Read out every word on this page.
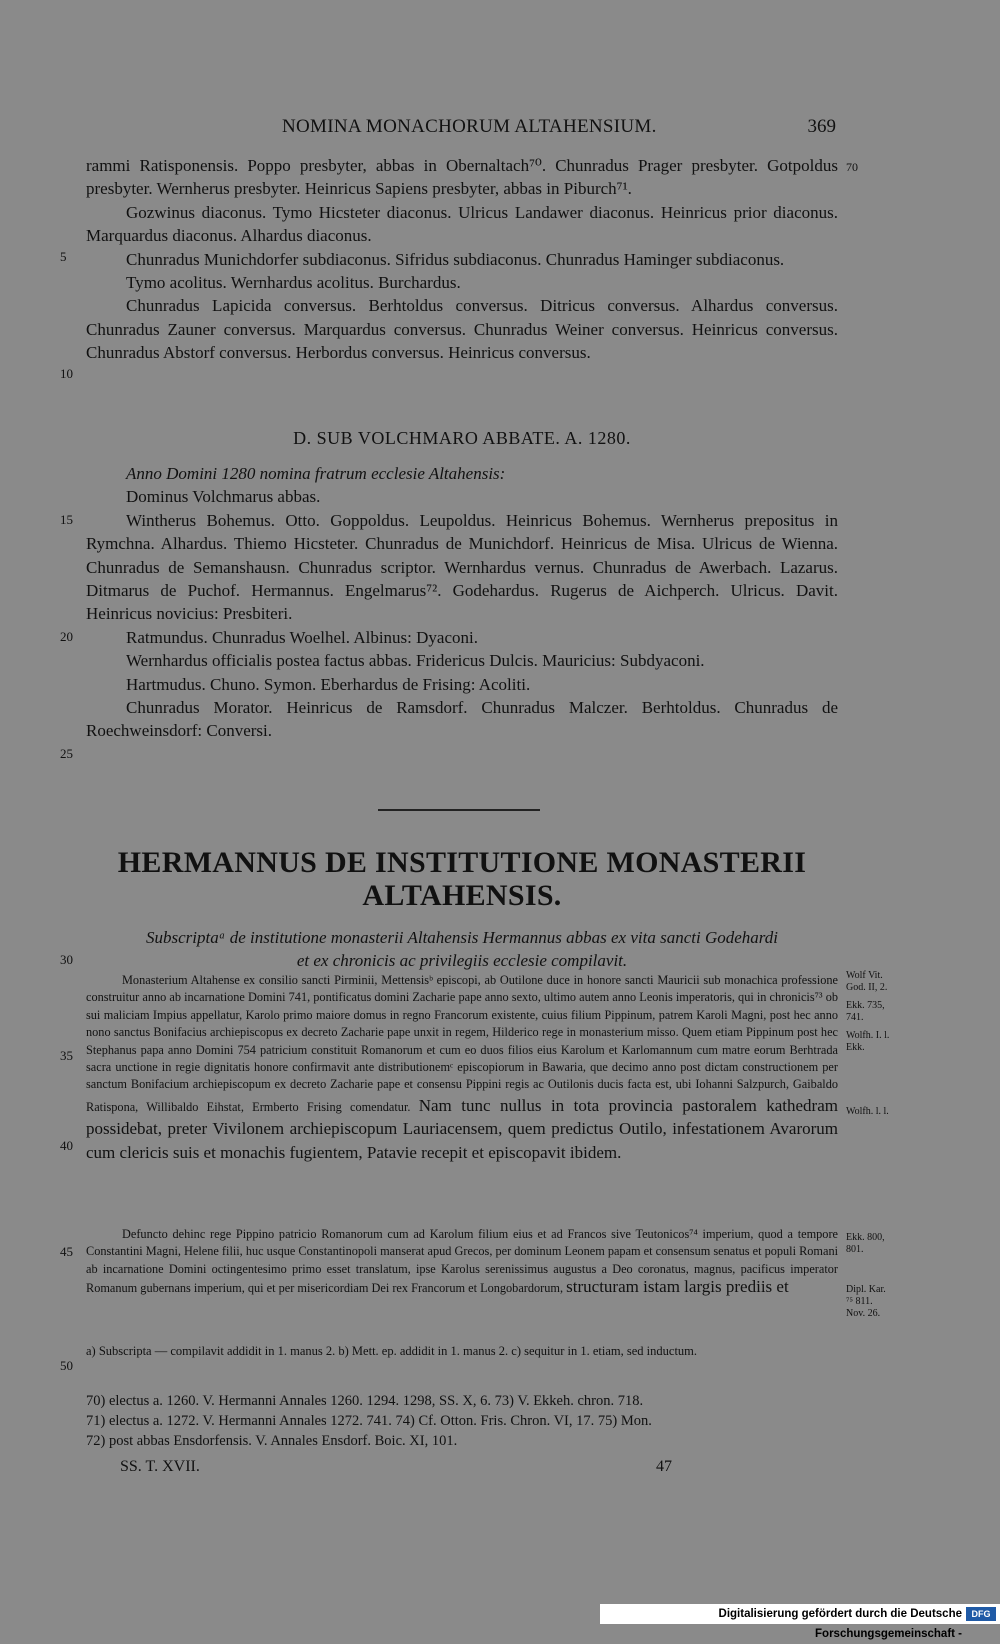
NOMINA MONACHORUM ALTAHENSIUM.	369
70

rammi Ratisponensis. Poppo presbyter, abbas in Obernaltach⁷⁰. Chunradus Prager presbyter. Gotpoldus presbyter. Wernherus presbyter. Heinricus Sapiens presbyter, abbas in Piburch⁷¹.

Gozwinus diaconus. Tymo Hicsteter diaconus. Ulricus Landawer diaconus. Heinricus prior diaconus. Marquardus diaconus. Alhardus diaconus.

Chunradus Munichdorfer subdiaconus. Sifridus subdiaconus. Chunradus Haminger subdiaconus.

Tymo acolitus. Wernhardus acolitus. Burchardus.

Chunradus Lapicida conversus. Berhtoldus conversus. Ditricus conversus. Alhardus conversus. Chunradus Zauner conversus. Marquardus conversus. Chunradus Weiner conversus. Heinricus conversus. Chunradus Abstorf conversus. Herbordus conversus. Heinricus conversus.

5
10
D. SUB VOLCHMARO ABBATE. A. 1280.

Anno Domini 1280 nomina fratrum ecclesie Altahensis:

Dominus Volchmarus abbas.

Wintherus Bohemus. Otto. Goppoldus. Leupoldus. Heinricus Bohemus. Wernherus prepositus in Rymchna. Alhardus. Thiemo Hicsteter. Chunradus de Munichdorf. Heinricus de Misa. Ulricus de Wienna. Chunradus de Semanshausn. Chunradus scriptor. Wernhardus vernus. Chunradus de Awerbach. Lazarus. Ditmarus de Puchof. Hermannus. Engelmarus⁷². Godehardus. Rugerus de Aichperch. Ulricus. Davit. Heinricus novicius: Presbiteri.

Ratmundus. Chunradus Woelhel. Albinus: Dyaconi.

Wernhardus officialis postea factus abbas. Fridericus Dulcis. Mauricius: Subdyaconi.

Hartmudus. Chuno. Symon. Eberhardus de Frising: Acoliti.

Chunradus Morator. Heinricus de Ramsdorf. Chunradus Malczer. Berhtoldus. Chunradus de Roechweinsdorf: Conversi.

15
20
25
HERMANNUS DE INSTITUTIONE MONASTERII
ALTAHENSIS.
Subscriptaᵃ de institutione monasterii Altahensis Hermannus abbas ex vita sancti Godehardi
et ex chronicis ac privilegiis ecclesie compilavit.

Monasterium Altahense ex consilio sancti Pirminii, Mettensisᵇ episcopi, ab Outilone duce in honore sancti Mauricii sub monachica professione construitur anno ab incarnatione Domini 741, pontificatus domini Zacharie pape anno sexto, ultimo autem anno Leonis imperatoris, qui in chronicis⁷³ ob sui maliciam Impius appellatur, Karolo primo maiore domus in regno Francorum existente, cuius filium Pippinum, patrem Karoli Magni, post hec anno nono sanctus Bonifacius archiepiscopus ex decreto Zacharie pape unxit in regem, Hilderico rege in monasterium misso. Quem etiam Pippinum post hec Stephanus papa anno Domini 754 patricium constituit Romanorum et cum eo duos filios eius Karolum et Karlomannum cum matre eorum Berhtrada sacra unctione in regie dignitatis honore confirmavit ante distributionemᶜ episcopiorum in Bawaria, que decimo anno post dictam constructionem per sanctum Bonifacium archiepiscopum ex decreto Zacharie pape et consensu Pippini regis ac Outilonis ducis facta est, ubi Iohanni Salzpurch, Gaibaldo Ratispona, Willibaldo Eihstat, Ermberto Frising comendatur. Nam tunc nullus in tota provincia pastoralem kathedram possidebat, preter Vivilonem archiepiscopum Lauriacensem, quem predictus Outilo, infestationem Avarorum cum clericis suis et monachis fugientem, Patavie recepit et episcopavit ibidem.

Defuncto dehinc rege Pippino patricio Romanorum cum ad Karolum filium eius et ad Francos sive Teutonicos⁷⁴ imperium, quod a tempore Constantini Magni, Helene filii, huc usque Constantinopoli manserat apud Grecos, per dominum Leonem papam et consensum senatus et populi Romani ab incarnatione Domini octingentesimo primo esset translatum, ipse Karolus serenissimus augustus a Deo coronatus, magnus, pacificus imperator Romanum gubernans imperium, qui et per misericordiam Dei rex Francorum et Longobardorum, structuram istam largis prediis et

30
35
40
45
50
Wolf Vit. God. II, 2.
Ekk. 735, 741.
Wolfh. I. l. Ekk.
Wolfh. l. l.
Ekk. 800, 801.
Dipl. Kar. ⁷⁵ 811. Nov. 26.
a) Subscripta — compilavit addidit in 1. manus 2. b) Mett. ep. addidit in 1. manus 2. c) sequitur in 1. etiam, sed inductum.
70) electus a. 1260. V. Hermanni Annales 1260. 1294. 1298, SS. X, 6. 73) V. Ekkeh. chron. 718.
71) electus a. 1272. V. Hermanni Annales 1272. 741. 74) Cf. Otton. Fris. Chron. VI, 17. 75) Mon.
72) post abbas Ensdorfensis. V. Annales Ensdorf. Boic. XI, 101.
SS. T. XVII.	47
Digitalisierung gefördert durch die Deutsche Forschungsgemeinschaft -
DFG
